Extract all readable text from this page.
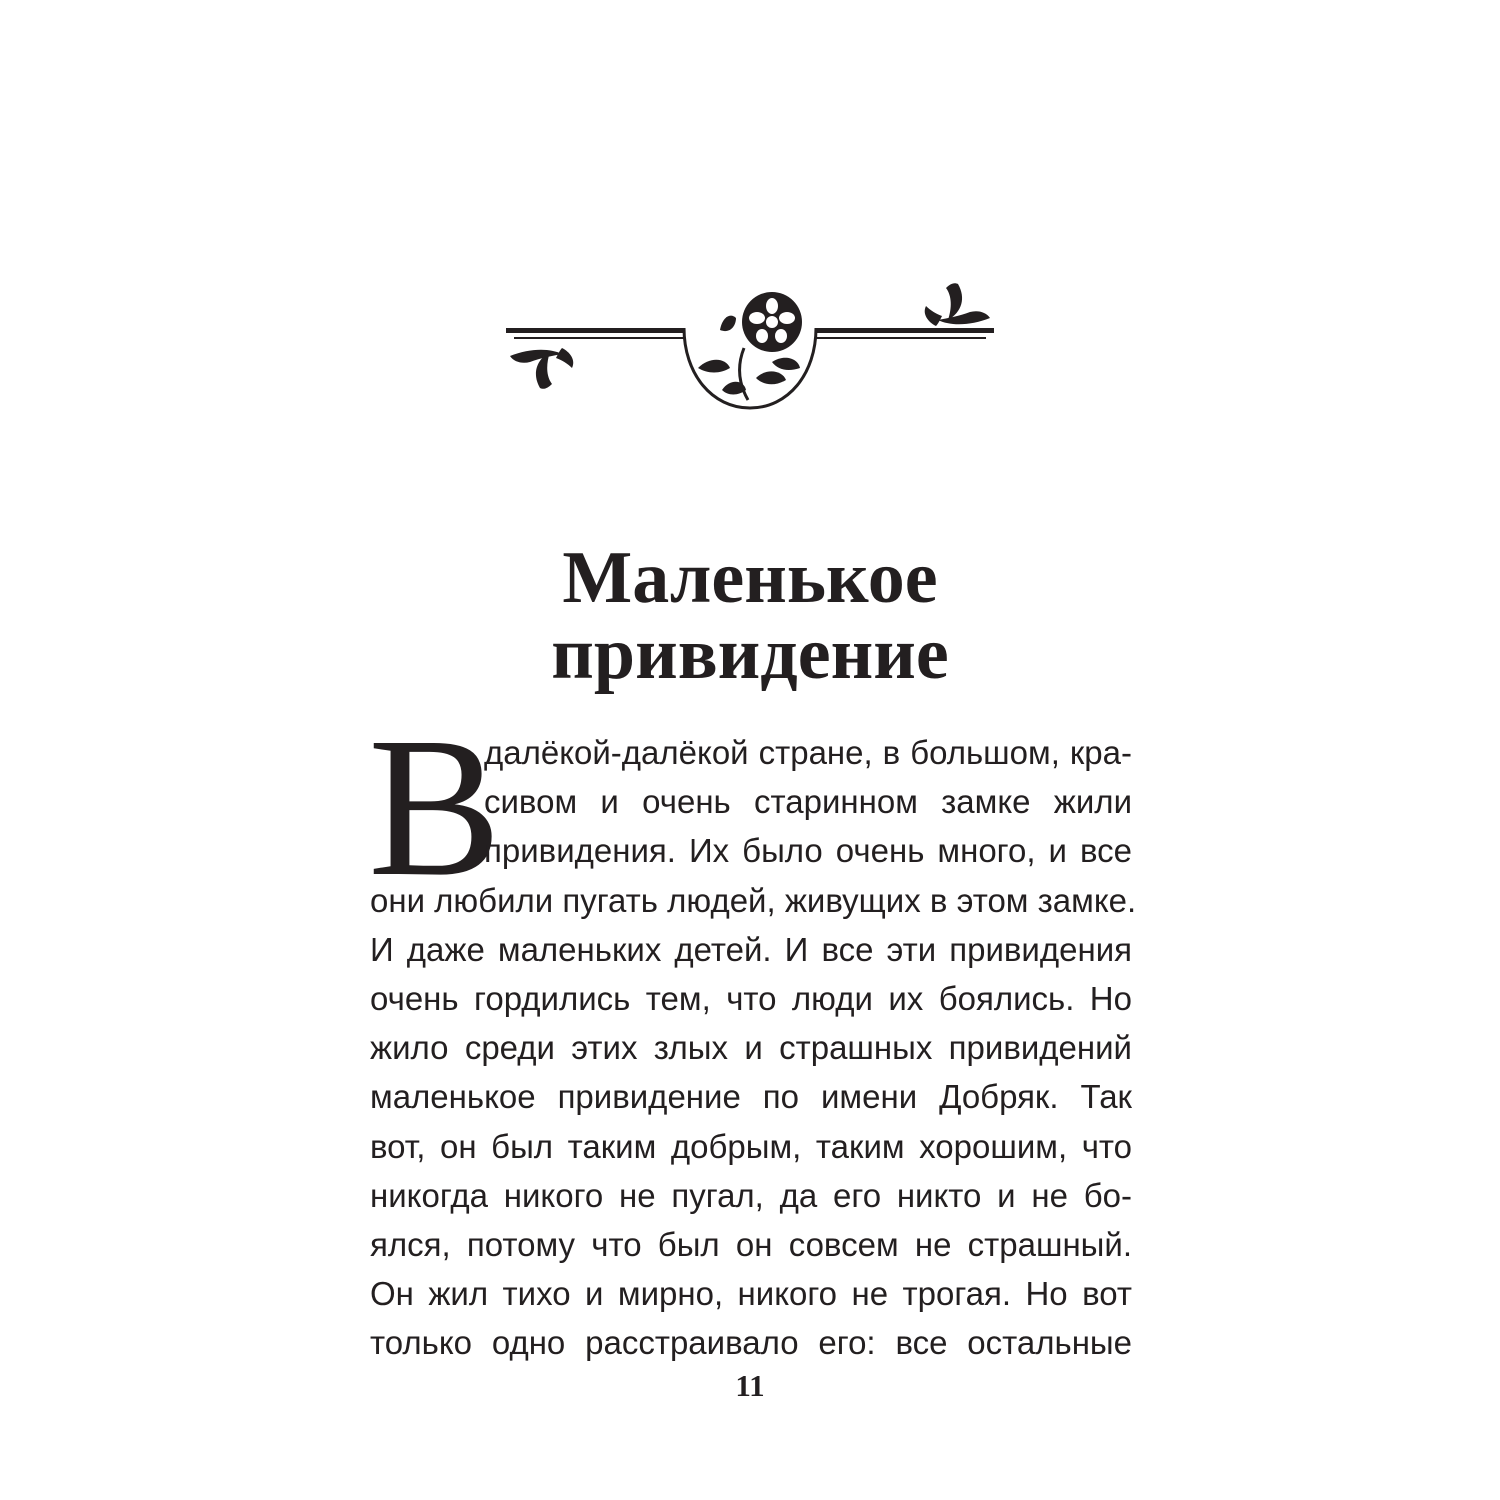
Маленькое
привидение
В
далёкой-далёкой стране, в большом, кра-
сивом и очень старинном замке жили
привидения. Их было очень много, и все
они любили пугать людей, живущих в этом замке.
И даже маленьких детей. И все эти привидения
очень гордились тем, что люди их боялись. Но
жило среди этих злых и страшных привидений
маленькое привидение по имени Добряк. Так
вот, он был таким добрым, таким хорошим, что
никогда никого не пугал, да его никто и не бо-
ялся, потому что был он совсем не страшный.
Он жил тихо и мирно, никого не трогая. Но вот
только одно расстраивало его: все остальные
11
